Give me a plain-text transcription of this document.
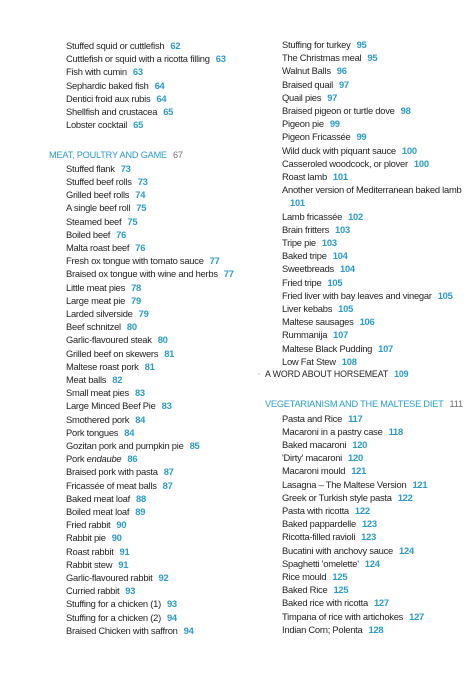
Stuffed squid or cuttlefish 62
Cuttlefish or squid with a ricotta filling 63
Fish with cumin 63
Sephardic baked fish 64
Dentici froid aux rubis 64
Shellfish and crustacea 65
Lobster cocktail 65
MEAT, POULTRY AND GAME 67
Stuffed flank 73
Stuffed beef rolls 73
Grilled beef rolls 74
A single beef roll 75
Steamed beef 75
Boiled beef 76
Malta roast beef 76
Fresh ox tongue with tomato sauce 77
Braised ox tongue with wine and herbs 77
Little meat pies 78
Large meat pie 79
Larded silverside 79
Beef schnitzel 80
Garlic-flavoured steak 80
Grilled beef on skewers 81
Maltese roast pork 81
Meat balls 82
Small meat pies 83
Large Minced Beef Pie 83
Smothered pork 84
Pork tongues 84
Gozitan pork and pumpkin pie 85
Pork endaube 86
Braised pork with pasta 87
Fricassée of meat balls 87
Baked meat loaf 88
Boiled meat loaf 89
Fried rabbit 90
Rabbit pie 90
Roast rabbit 91
Rabbit stew 91
Garlic-flavoured rabbit 92
Curried rabbit 93
Stuffing for a chicken (1) 93
Stuffing for a chicken (2) 94
Braised Chicken with saffron 94
Stuffing for turkey 95
The Christmas meal 95
Walnut Balls 96
Braised quail 97
Quail pies 97
Braised pigeon or turtle dove 98
Pigeon pie 99
Pigeon Fricassée 99
Wild duck with piquant sauce 100
Casseroled woodcock, or plover 100
Roast lamb 101
Another version of Mediterranean baked lamb
101
Lamb fricassée 102
Brain fritters 103
Tripe pie 103
Baked tripe 104
Sweetbreads 104
Fried tripe 105
Fried liver with bay leaves and vinegar 105
Liver kebabs 105
Maltese sausages 106
Rummanija 107
Maltese Black Pudding 107
Low Fat Stew 108
A WORD ABOUT HORSEMEAT 109
VEGETARIANISM AND THE MALTESE DIET 111
Pasta and Rice 117
Macaroni in a pastry case 118
Baked macaroni 120
'Dirty' macaroni 120
Macaroni mould 121
Lasagna – The Maltese Version 121
Greek or Turkish style pasta 122
Pasta with ricotta 122
Baked pappardelle 123
Ricotta-filled ravioli 123
Bucatini with anchovy sauce 124
Spaghetti 'omelette' 124
Rice mould 125
Baked Rice 125
Baked rice with ricotta 127
Timpana of rice with artichokes 127
Indian Corn; Polenta 128
’
